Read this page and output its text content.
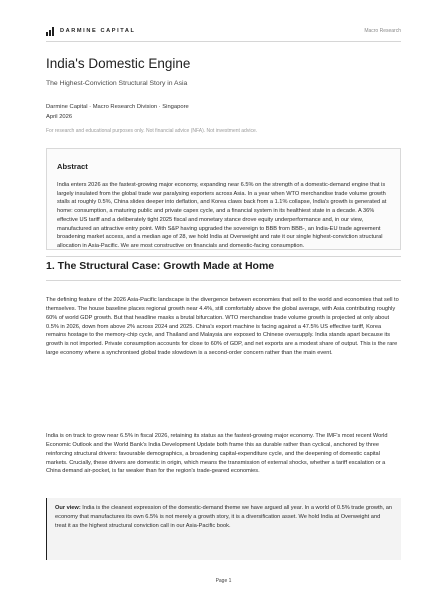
DARMINE CAPITAL	Macro Research
India's Domestic Engine
The Highest-Conviction Structural Story in Asia
Darmine Capital · Macro Research Division · Singapore
April 2026
For research and educational purposes only. Not financial advice (NFA). Not investment advice.
Abstract

India enters 2026 as the fastest-growing major economy, expanding near 6.5% on the strength of a domestic-demand engine that is largely insulated from the global trade war paralysing exporters across Asia. In a year when WTO merchandise trade volume growth stalls at roughly 0.5%, China slides deeper into deflation, and Korea claws back from a 1.1% collapse, India's growth is generated at home: consumption, a maturing public and private capex cycle, and a financial system in its healthiest state in a decade. A 36% effective US tariff and a deliberately tight 2025 fiscal and monetary stance drove equity underperformance and, in our view, manufactured an attractive entry point. With S&P having upgraded the sovereign to BBB from BBB-, an India-EU trade agreement broadening market access, and a median age of 28, we hold India at Overweight and rate it our single highest-conviction structural allocation in Asia-Pacific. We are most constructive on financials and domestic-facing consumption.

1. The Structural Case: Growth Made at Home

The defining feature of the 2026 Asia-Pacific landscape is the divergence between economies that sell to the world and economies that sell to themselves. The house baseline places regional growth near 4.4%, still comfortably above the global average, with Asia contributing roughly 60% of world GDP growth. But that headline masks a brutal bifurcation. WTO merchandise trade volume growth is projected at only about 0.5% in 2026, down from above 2% across 2024 and 2025. China's export machine is facing against a 47.5% US effective tariff, Korea remains hostage to the memory-chip cycle, and Thailand and Malaysia are exposed to Chinese oversupply. India stands apart because its growth is not imported. Private consumption accounts for close to 60% of GDP, and net exports are a modest share of output. This is the rare large economy where a synchronised global trade slowdown is a second-order concern rather than the main event.

India is on track to grow near 6.5% in fiscal 2026, retaining its status as the fastest-growing major economy. The IMF's most recent World Economic Outlook and the World Bank's India Development Update both frame this as durable rather than cyclical, anchored by three reinforcing structural drivers: favourable demographics, a broadening capital-expenditure cycle, and the deepening of domestic capital markets. Crucially, these drivers are domestic in origin, which means the transmission of external shocks, whether a tariff escalation or a China demand air-pocket, is far weaker than for the region's trade-geared economies.

Our view: India is the cleanest expression of the domestic-demand theme we have argued all year. In a world of 0.5% trade growth, an economy that manufactures its own 6.5% is not merely a growth story, it is a diversification asset. We hold India at Overweight and treat it as the highest structural conviction call in our Asia-Pacific book.
Page 1
